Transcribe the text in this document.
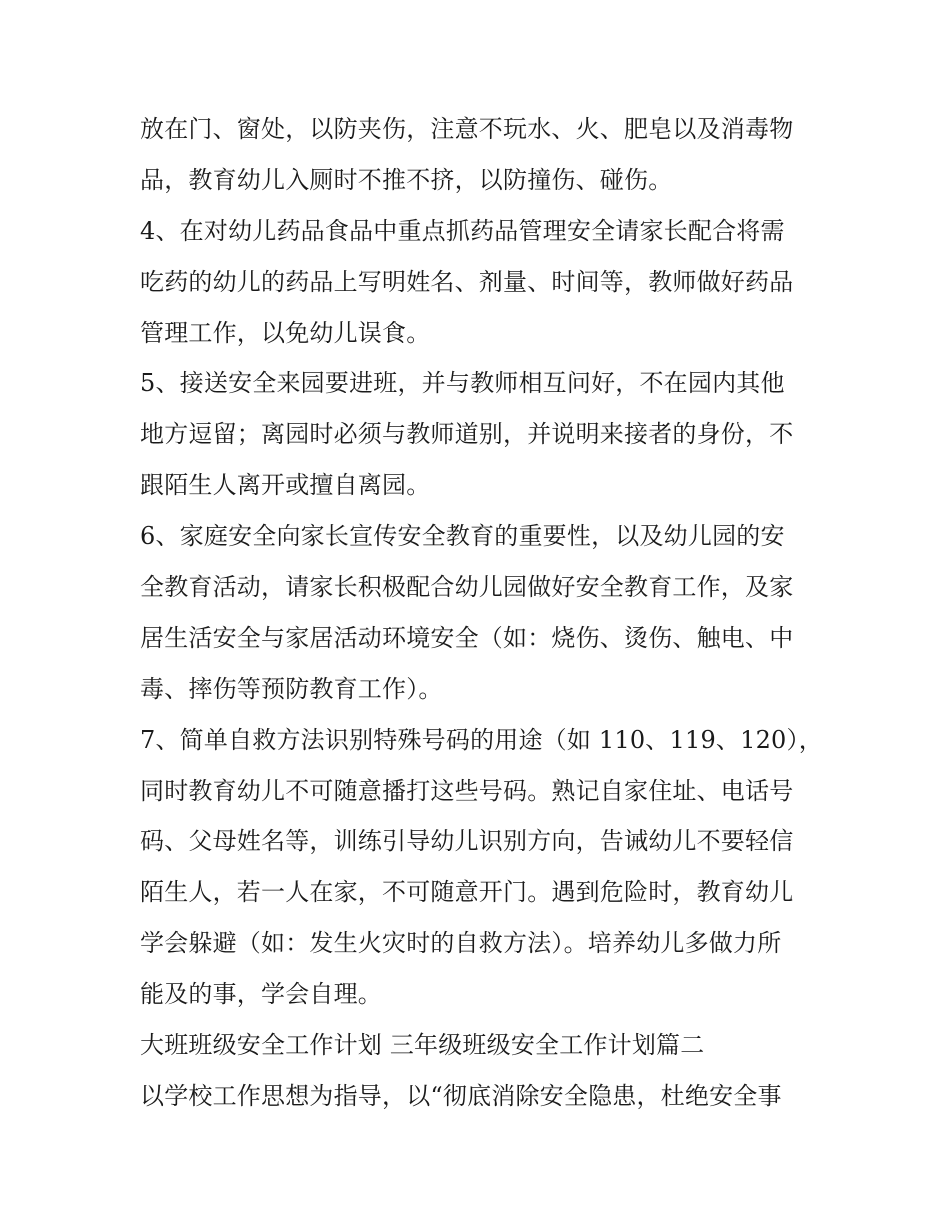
放在门、窗处，以防夹伤，注意不玩水、火、肥皂以及消毒物
品，教育幼儿入厕时不推不挤，以防撞伤、碰伤。
4、在对幼儿药品食品中重点抓药品管理安全请家长配合将需
吃药的幼儿的药品上写明姓名、剂量、时间等，教师做好药品
管理工作，以免幼儿误食。
5、接送安全来园要进班，并与教师相互问好，不在园内其他
地方逗留；离园时必须与教师道别，并说明来接者的身份，不
跟陌生人离开或擅自离园。
6、家庭安全向家长宣传安全教育的重要性，以及幼儿园的安
全教育活动，请家长积极配合幼儿园做好安全教育工作，及家
居生活安全与家居活动环境安全（如：烧伤、烫伤、触电、中
毒、摔伤等预防教育工作）。
7、简单自救方法识别特殊号码的用途（如 110、119、120），
同时教育幼儿不可随意播打这些号码。熟记自家住址、电话号
码、父母姓名等，训练引导幼儿识别方向，告诫幼儿不要轻信
陌生人，若一人在家，不可随意开门。遇到危险时，教育幼儿
学会躲避（如：发生火灾时的自救方法）。培养幼儿多做力所
能及的事，学会自理。
大班班级安全工作计划 三年级班级安全工作计划篇二
以学校工作思想为指导，以“彻底消除安全隐患，杜绝安全事
